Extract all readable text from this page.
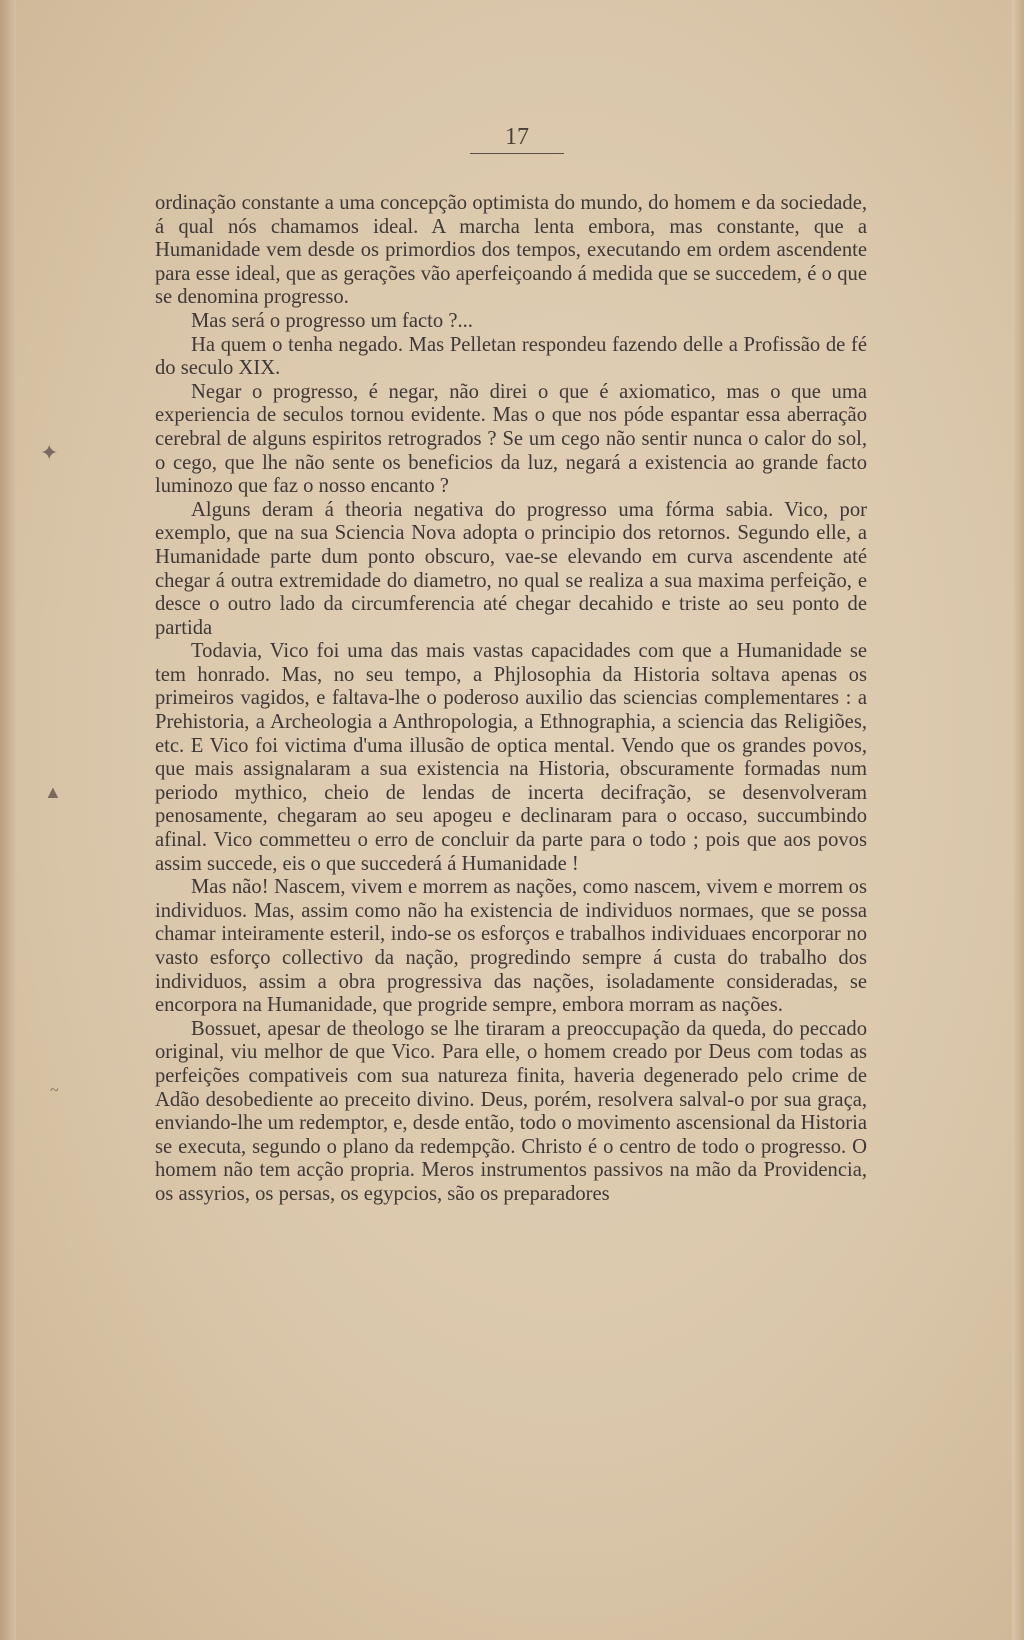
✦
▲
~
17

ordinação constante a uma concepção optimista do mundo, do homem e da sociedade, á qual nós chamamos ideal. A marcha lenta embora, mas constante, que a Humanidade vem desde os primordios dos tempos, executando em ordem ascendente para esse ideal, que as gerações vão aperfeiçoando á medida que se succedem, é o que se denomina progresso.

Mas será o progresso um facto ?...

Ha quem o tenha negado. Mas Pelletan respondeu fazendo delle a Profissão de fé do seculo XIX.

Negar o progresso, é negar, não direi o que é axiomatico, mas o que uma experiencia de seculos tornou evidente. Mas o que nos póde espantar essa aberração cerebral de alguns espiritos retrogrados ? Se um cego não sentir nunca o calor do sol, o cego, que lhe não sente os beneficios da luz, negará a existencia ao grande facto luminozo que faz o nosso encanto ?

Alguns deram á theoria negativa do progresso uma fórma sabia. Vico, por exemplo, que na sua Sciencia Nova adopta o principio dos retornos. Segundo elle, a Humanidade parte dum ponto obscuro, vae-se elevando em curva ascendente até chegar á outra extremidade do diametro, no qual se realiza a sua maxima perfeição, e desce o outro lado da circumferencia até chegar decahido e triste ao seu ponto de partida

Todavia, Vico foi uma das mais vastas capacidades com que a Humanidade se tem honrado. Mas, no seu tempo, a Phjlosophia da Historia soltava apenas os primeiros vagidos, e faltava-lhe o poderoso auxilio das sciencias complementares : a Prehistoria, a Archeologia a Anthropologia, a Ethnographia, a sciencia das Religiões, etc. E Vico foi victima d'uma illusão de optica mental. Vendo que os grandes povos, que mais assignalaram a sua existencia na Historia, obscuramente formadas num periodo mythico, cheio de lendas de incerta decifração, se desenvolveram penosamente, chegaram ao seu apogeu e declinaram para o occaso, succumbindo afinal. Vico commetteu o erro de concluir da parte para o todo ; pois que aos povos assim succede, eis o que succederá á Humanidade !

Mas não! Nascem, vivem e morrem as nações, como nascem, vivem e morrem os individuos. Mas, assim como não ha existencia de individuos normaes, que se possa chamar inteiramente esteril, indo-se os esforços e trabalhos individuaes encorporar no vasto esforço collectivo da nação, progredindo sempre á custa do trabalho dos individuos, assim a obra progressiva das nações, isoladamente consideradas, se encorpora na Humanidade, que progride sempre, embora morram as nações.

Bossuet, apesar de theologo se lhe tiraram a preoccupação da queda, do peccado original, viu melhor de que Vico. Para elle, o homem creado por Deus com todas as perfeições compativeis com sua natureza finita, haveria degenerado pelo crime de Adão desobediente ao preceito divino. Deus, porém, resolvera salval-o por sua graça, enviando-lhe um redemptor, e, desde então, todo o movimento ascensional da Historia se executa, segundo o plano da redempção. Christo é o centro de todo o progresso. O homem não tem acção propria. Meros instrumentos passivos na mão da Providencia, os assyrios, os persas, os egypcios, são os preparadores
